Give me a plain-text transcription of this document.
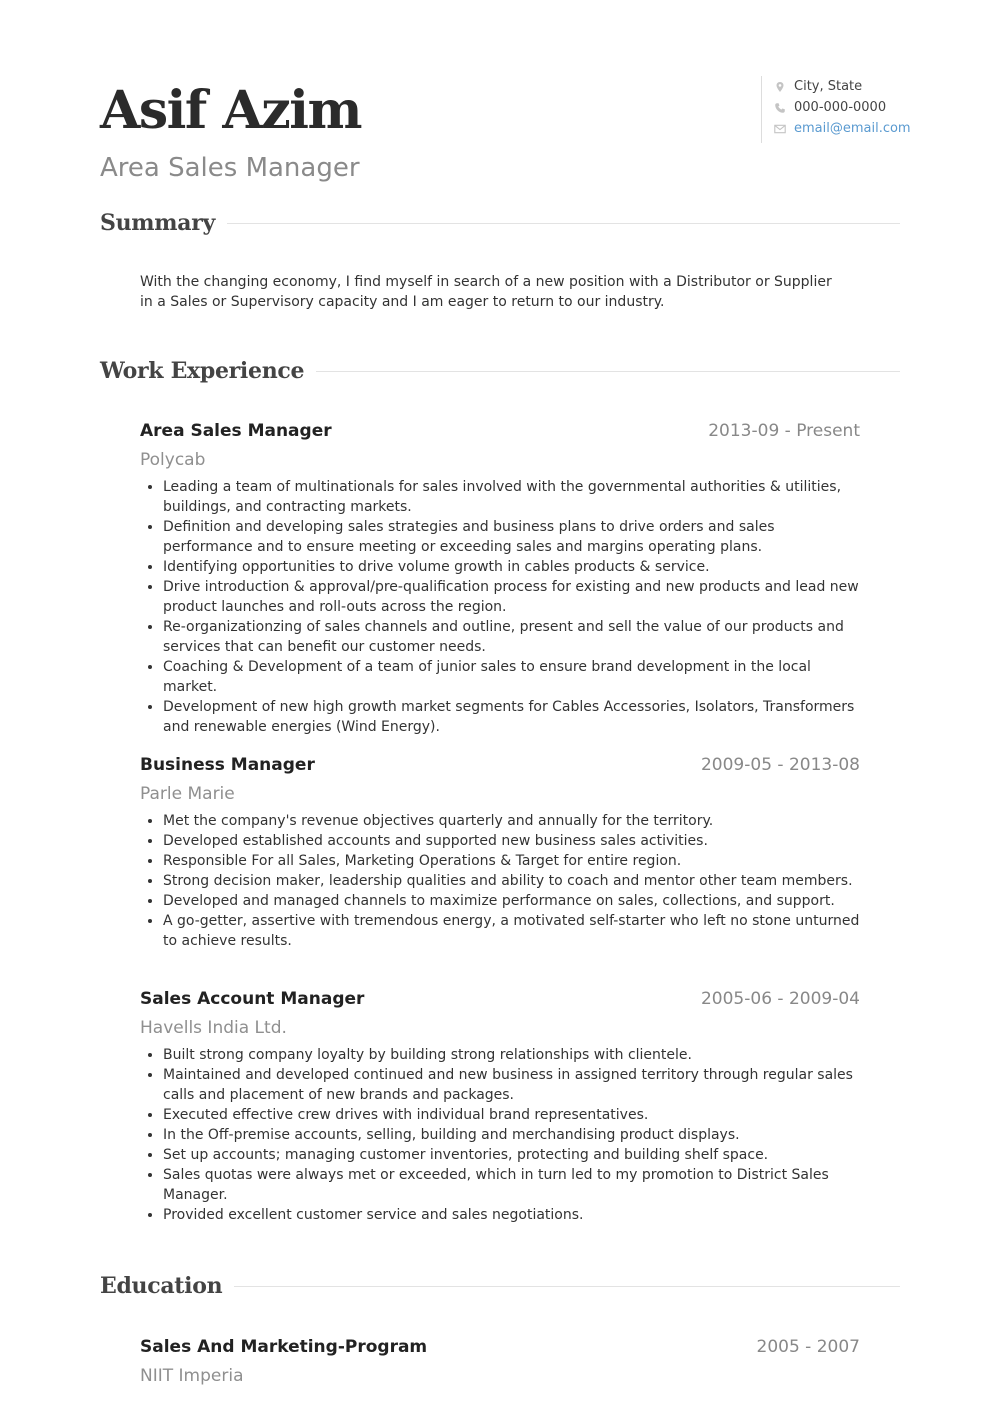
Asif Azim
Area Sales Manager
City, State
000-000-0000
email@email.com
Summary

With the changing economy, I find myself in search of a new position with a Distributor or Supplier in a Sales or Supervisory capacity and I am eager to return to our industry.

Work Experience
Area Sales Manager	2013-09 - Present
Polycab
• Leading a team of multinationals for sales involved with the governmental authorities & utilities, buildings, and contracting markets.
• Definition and developing sales strategies and business plans to drive orders and sales performance and to ensure meeting or exceeding sales and margins operating plans.
• Identifying opportunities to drive volume growth in cables products & service.
• Drive introduction & approval/pre-qualification process for existing and new products and lead new product launches and roll-outs across the region.
• Re-organizationzing of sales channels and outline, present and sell the value of our products and services that can benefit our customer needs.
• Coaching & Development of a team of junior sales to ensure brand development in the local market.
• Development of new high growth market segments for Cables Accessories, Isolators, Transformers and renewable energies (Wind Energy).
Business Manager	2009-05 - 2013-08
Parle Marie
• Met the company's revenue objectives quarterly and annually for the territory.
• Developed established accounts and supported new business sales activities.
• Responsible For all Sales, Marketing Operations & Target for entire region.
• Strong decision maker, leadership qualities and ability to coach and mentor other team members.
• Developed and managed channels to maximize performance on sales, collections, and support.
• A go-getter, assertive with tremendous energy, a motivated self-starter who left no stone unturned to achieve results.
Sales Account Manager	2005-06 - 2009-04
Havells India Ltd.
• Built strong company loyalty by building strong relationships with clientele.
• Maintained and developed continued and new business in assigned territory through regular sales calls and placement of new brands and packages.
• Executed effective crew drives with individual brand representatives.
• In the Off-premise accounts, selling, building and merchandising product displays.
• Set up accounts; managing customer inventories, protecting and building shelf space.
• Sales quotas were always met or exceeded, which in turn led to my promotion to District Sales Manager.
• Provided excellent customer service and sales negotiations.
Education
Sales And Marketing-Program	2005 - 2007
NIIT Imperia
